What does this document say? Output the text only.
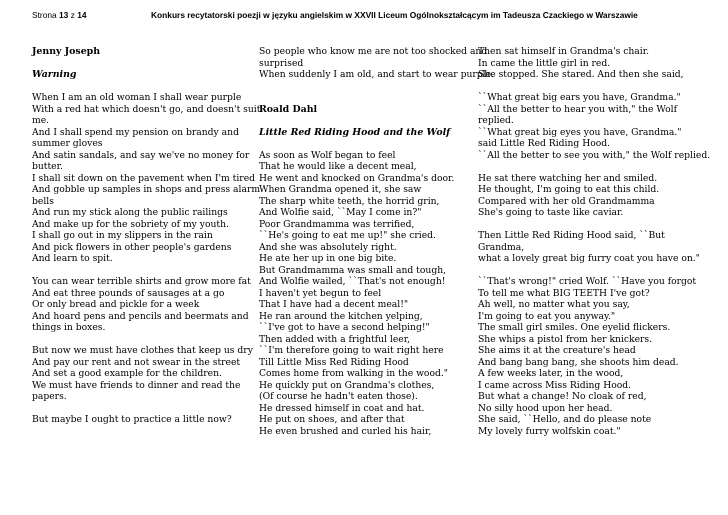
Strona 13 z 14	Konkurs recytatorski poezji w języku angielskim w XXVII Liceum Ogólnokształcącym im Tadeusza Czackiego w Warszawie
Jenny Joseph
Warning
When I am an old woman I shall wear purple
With a red hat which doesn't go, and doesn't suit
me.
And I shall spend my pension on brandy and
summer gloves
And satin sandals, and say we've no money for
butter.
I shall sit down on the pavement when I'm tired
And gobble up samples in shops and press alarm
bells
And run my stick along the public railings
And make up for the sobriety of my youth.
I shall go out in my slippers in the rain
And pick flowers in other people's gardens
And learn to spit.
You can wear terrible shirts and grow more fat
And eat three pounds of sausages at a go
Or only bread and pickle for a week
And hoard pens and pencils and beermats and
things in boxes.
But now we must have clothes that keep us dry
And pay our rent and not swear in the street
And set a good example for the children.
We must have friends to dinner and read the
papers.
But maybe I ought to practice a little now?
So people who know me are not too shocked and
surprised
When suddenly I am old, and start to wear purple.
Roald Dahl
Little Red Riding Hood and the Wolf
As soon as Wolf began to feel
That he would like a decent meal,
He went and knocked on Grandma's door.
When Grandma opened it, she saw
The sharp white teeth, the horrid grin,
And Wolfie said, ``May I come in?"
Poor Grandmamma was terrified,
``He's going to eat me up!" she cried.
And she was absolutely right.
He ate her up in one big bite.
But Grandmamma was small and tough,
And Wolfie wailed, ``That's not enough!
I haven't yet begun to feel
That I have had a decent meal!"
He ran around the kitchen yelping,
``I've got to have a second helping!"
Then added with a frightful leer,
``I'm therefore going to wait right here
Till Little Miss Red Riding Hood
Comes home from walking in the wood."
He quickly put on Grandma's clothes,
(Of course he hadn't eaten those).
He dressed himself in coat and hat.
He put on shoes, and after that
He even brushed and curled his hair,
Then sat himself in Grandma's chair.
In came the little girl in red.
She stopped. She stared. And then she said,
``What great big ears you have, Grandma."
``All the better to hear you with," the Wolf
replied.
``What great big eyes you have, Grandma."
said Little Red Riding Hood.
``All the better to see you with," the Wolf replied.
He sat there watching her and smiled.
He thought, I'm going to eat this child.
Compared with her old Grandmamma
She's going to taste like caviar.
Then Little Red Riding Hood said, ``But
Grandma,
what a lovely great big furry coat you have on."
``That's wrong!" cried Wolf. ``Have you forgot
To tell me what BIG TEETH I've got?
Ah well, no matter what you say,
I'm going to eat you anyway."
The small girl smiles. One eyelid flickers.
She whips a pistol from her knickers.
She aims it at the creature's head
And bang bang bang, she shoots him dead.
A few weeks later, in the wood,
I came across Miss Riding Hood.
But what a change! No cloak of red,
No silly hood upon her head.
She said, ``Hello, and do please note
My lovely furry wolfskin coat."
